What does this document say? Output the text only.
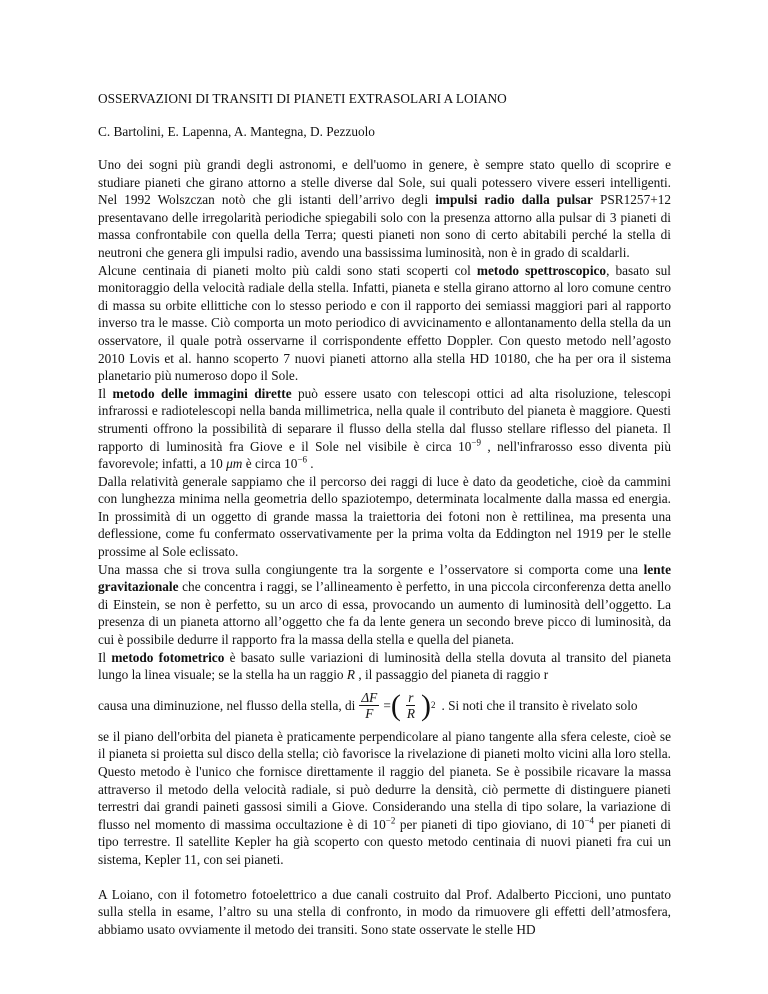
OSSERVAZIONI DI TRANSITI DI PIANETI EXTRASOLARI A LOIANO
C. Bartolini, E. Lapenna, A. Mantegna, D. Pezzuolo

Uno dei sogni più grandi degli astronomi, e dell'uomo in genere, è sempre stato quello di scoprire e studiare pianeti che girano attorno a stelle diverse dal Sole, sui quali potessero vivere esseri intelligenti. Nel 1992 Wolszczan notò che gli istanti dell’arrivo degli impulsi radio dalla pulsar PSR1257+12 presentavano delle irregolarità periodiche spiegabili solo con la presenza attorno alla pulsar di 3 pianeti di massa confrontabile con quella della Terra; questi pianeti non sono di certo abitabili perché la stella di neutroni che genera gli impulsi radio, avendo una bassissima luminosità, non è in grado di scaldarli.

Alcune centinaia di pianeti molto più caldi sono stati scoperti col metodo spettroscopico, basato sul monitoraggio della velocità radiale della stella. Infatti, pianeta e stella girano attorno al loro comune centro di massa su orbite ellittiche con lo stesso periodo e con il rapporto dei semiassi maggiori pari al rapporto inverso tra le masse. Ciò comporta un moto periodico di avvicinamento e allontanamento della stella da un osservatore, il quale potrà osservarne il corrispondente effetto Doppler. Con questo metodo nell’agosto 2010 Lovis et al. hanno scoperto 7 nuovi pianeti attorno alla stella HD 10180, che ha per ora il sistema planetario più numeroso dopo il Sole.

Il metodo delle immagini dirette può essere usato con telescopi ottici ad alta risoluzione, telescopi infrarossi e radiotelescopi nella banda millimetrica, nella quale il contributo del pianeta è maggiore. Questi strumenti offrono la possibilità di separare il flusso della stella dal flusso stellare riflesso del pianeta. Il rapporto di luminosità fra Giove e il Sole nel visibile è circa $10^{-9}$ , nell'infrarosso esso diventa più favorevole; infatti, a 10 μm è circa $10^{-6}$ .

Dalla relatività generale sappiamo che il percorso dei raggi di luce è dato da geodetiche, cioè da cammini con lunghezza minima nella geometria dello spaziotempo, determinata localmente dalla massa ed energia. In prossimità di un oggetto di grande massa la traiettoria dei fotoni non è rettilinea, ma presenta una deflessione, come fu confermato osservativamente per la prima volta da Eddington nel 1919 per le stelle prossime al Sole eclissato.

Una massa che si trova sulla congiungente tra la sorgente e l’osservatore si comporta come una lente gravitazionale che concentra i raggi, se l’allineamento è perfetto, in una piccola circonferenza detta anello di Einstein, se non è perfetto, su un arco di essa, provocando un aumento di luminosità dell’oggetto. La presenza di un pianeta attorno all’oggetto che fa da lente genera un secondo breve picco di luminosità, da cui è possibile dedurre il rapporto fra la massa della stella e quella del pianeta.

Il metodo fotometrico è basato sulle variazioni di luminosità della stella dovuta al transito del pianeta lungo la linea visuale; se la stella ha un raggio R , il passaggio del pianeta di raggio r

causa una diminuzione, nel flusso della stella, di $\frac{\Delta F}{F}$ = ( $\frac{r}{R}$ ) 2 . Si noti che il transito è rivelato solo

se il piano dell'orbita del pianeta è praticamente perpendicolare al piano tangente alla sfera celeste, cioè se il pianeta si proietta sul disco della stella; ciò favorisce la rivelazione di pianeti molto vicini alla loro stella. Questo metodo è l'unico che fornisce direttamente il raggio del pianeta. Se è possibile ricavare la massa attraverso il metodo della velocità radiale, si può dedurre la densità, ciò permette di distinguere pianeti terrestri dai grandi paineti gassosi simili a Giove. Considerando una stella di tipo solare, la variazione di flusso nel momento di massima occultazione è di $10^{-2}$ per pianeti di tipo gioviano, di $10^{-4}$ per pianeti di tipo terrestre. Il satellite Kepler ha già scoperto con questo metodo centinaia di nuovi pianeti fra cui un sistema, Kepler 11, con sei pianeti.

A Loiano, con il fotometro fotoelettrico a due canali costruito dal Prof. Adalberto Piccioni, uno puntato sulla stella in esame, l’altro su una stella di confronto, in modo da rimuovere gli effetti dell’atmosfera, abbiamo usato ovviamente il metodo dei transiti. Sono state osservate le stelle HD
